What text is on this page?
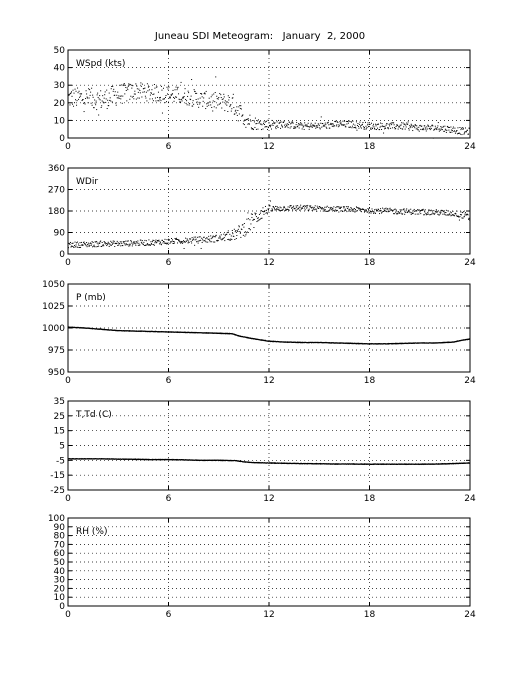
Juneau SDI Meteogram:   January  2, 2000
0	6	12	18	24
0
10
20
30
40
50
WSpd (kts)
0	6	12	18	24
0
90
180
270
360
WDir
0	6	12	18	24
950
975
1000
1025
1050
P (mb)
0	6	12	18	24
-25
-15
-5
5
15
25
35
T,Td (C)
0	6	12	18	24
0
10
20
30
40
50
60
70
80
90
100
RH (%)
